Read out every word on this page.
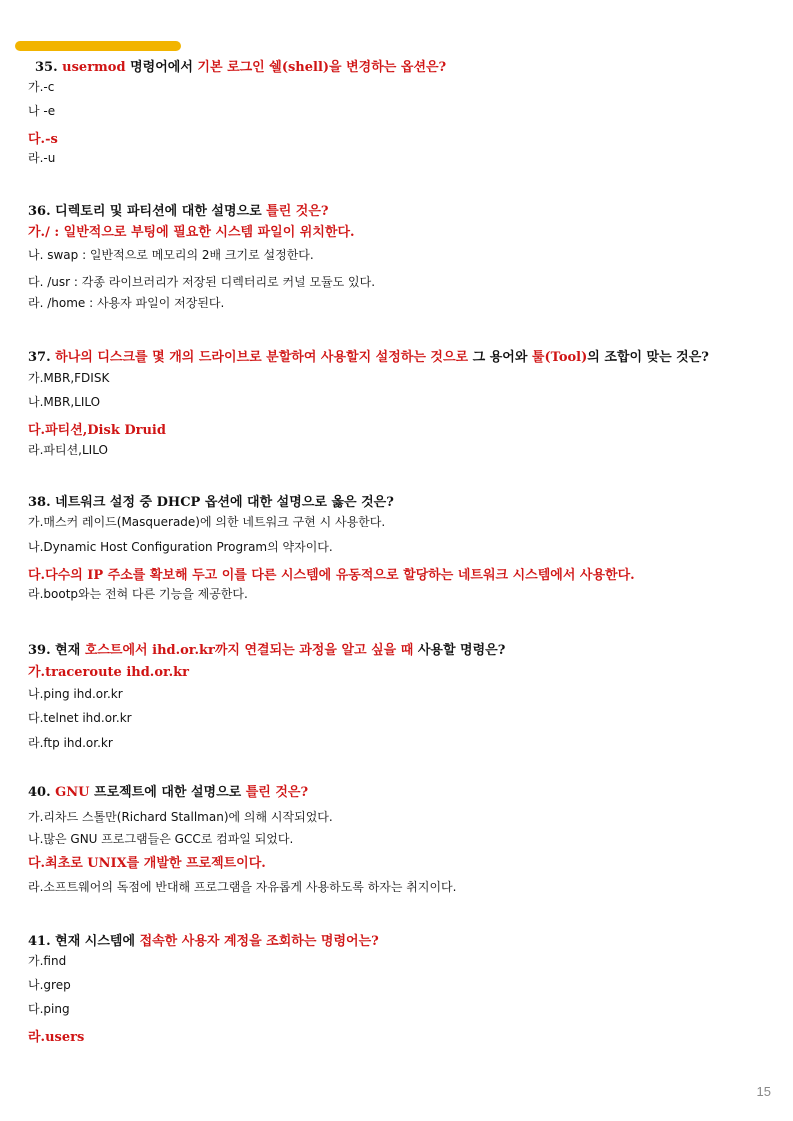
35. usermod 명령어에서 기본 로그인 쉘(shell)을 변경하는 옵션은?
가.-c
나 -e
다.-s
라.-u
36. 디렉토리 및 파티션에 대한 설명으로 틀린 것은?
가./ : 일반적으로 부팅에 필요한 시스템 파일이 위치한다.
나. swap : 일반적으로 메모리의 2배 크기로 설정한다.
다. /usr : 각종 라이브러리가 저장된 디렉터리로 커널 모듈도 있다.
라. /home : 사용자 파일이 저장된다.
37. 하나의 디스크를 몇 개의 드라이브로 분할하여 사용할지 설정하는 것으로 그 용어와 툴(Tool)의 조합이 맞는 것은?
가.MBR,FDISK
나.MBR,LILO
다.파티션,Disk Druid
라.파티션,LILO
38. 네트워크 설정 중 DHCP 옵션에 대한 설명으로 옳은 것은?
가.매스커 레이드(Masquerade)에 의한 네트워크 구현 시 사용한다.
나.Dynamic Host Configuration Program의 약자이다.
다.다수의 IP 주소를 확보해 두고 이를 다른 시스템에 유동적으로 할당하는 네트워크 시스템에서 사용한다.
라.bootp와는 전혀 다른 기능을 제공한다.
39. 현재 호스트에서 ihd.or.kr까지 연결되는 과정을 알고 싶을 때 사용할 명령은?
가.traceroute ihd.or.kr
나.ping ihd.or.kr
다.telnet ihd.or.kr
라.ftp ihd.or.kr
40. GNU 프로젝트에 대한 설명으로 틀린 것은?
가.리차드 스톨만(Richard Stallman)에 의해 시작되었다.
나.많은 GNU 프로그램들은 GCC로 컴파일 되었다.
다.최초로 UNIX를 개발한 프로젝트이다.
라.소프트웨어의 독점에 반대해 프로그램을 자유롭게 사용하도록 하자는 취지이다.
41. 현재 시스템에 접속한 사용자 계정을 조회하는 명령어는?
가.find
나.grep
다.ping
라.users
15
